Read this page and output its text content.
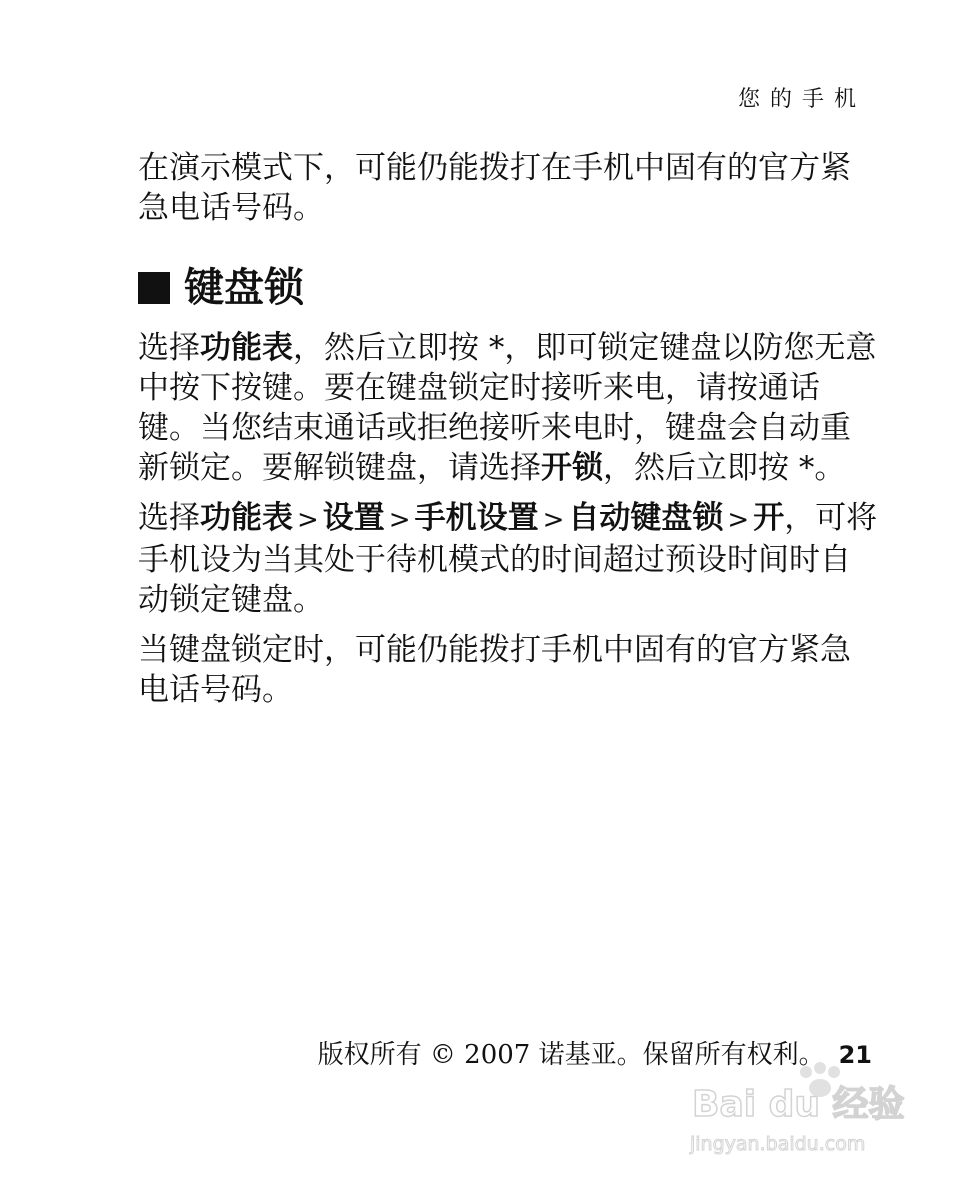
您的手机

在演示模式下，可能仍能拨打在手机中固有的官方紧急电话号码。

键盘锁

选择功能表，然后立即按 *，即可锁定键盘以防您无意中按下按键。要在键盘锁定时接听来电，请按通话键。当您结束通话或拒绝接听来电时，键盘会自动重新锁定。要解锁键盘，请选择开锁，然后立即按 *。

选择功能表 > 设置 > 手机设置 > 自动键盘锁 > 开，可将手机设为当其处于待机模式的时间超过预设时间时自动锁定键盘。

当键盘锁定时，可能仍能拨打手机中固有的官方紧急电话号码。

版权所有 © 2007 诺基亚。保留所有权利。 21
Bai du 经验
jingyan.baidu.com
